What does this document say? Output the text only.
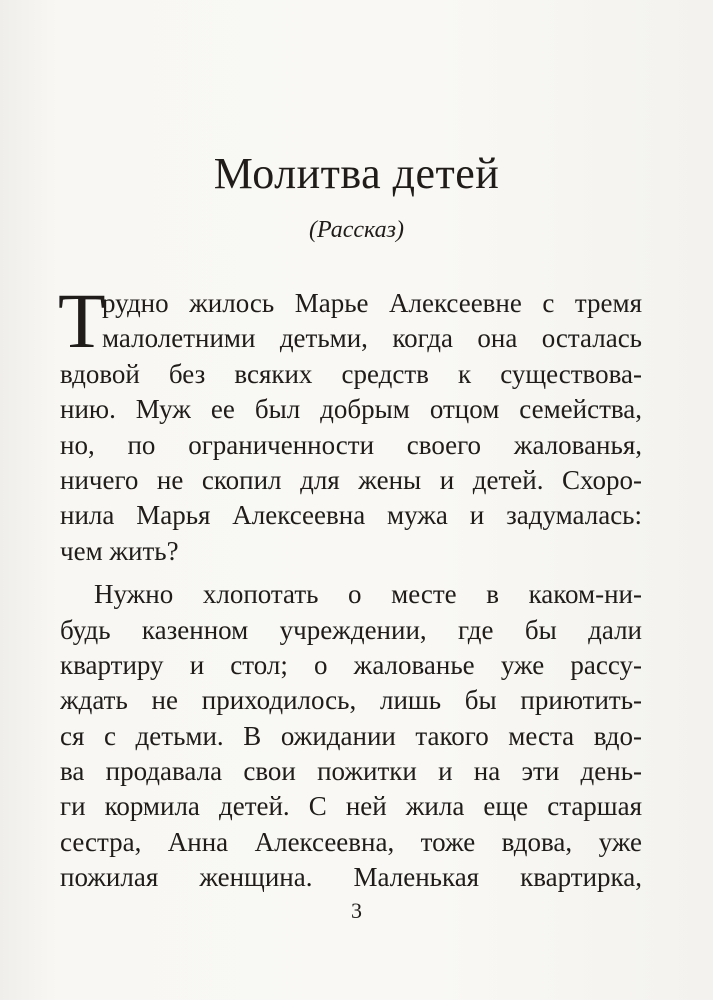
Молитва детей
(Рассказ)
Т
рудно жилось Марье Алексеевне с тремя
малолетними детьми, когда она осталась
вдовой без всяких средств к существова-
нию. Муж ее был добрым отцом семейства,
но, по ограниченности своего жалованья,
ничего не скопил для жены и детей. Схоро-
нила Марья Алексеевна мужа и задумалась:
чем жить?
Нужно хлопотать о месте в каком-ни-
будь казенном учреждении, где бы дали
квартиру и стол; о жалованье уже рассу-
ждать не приходилось, лишь бы приютить-
ся с детьми. В ожидании такого места вдо-
ва продавала свои пожитки и на эти день-
ги кормила детей. С ней жила еще старшая
сестра, Анна Алексеевна, тоже вдова, уже
пожилая женщина. Маленькая квартирка,
3
